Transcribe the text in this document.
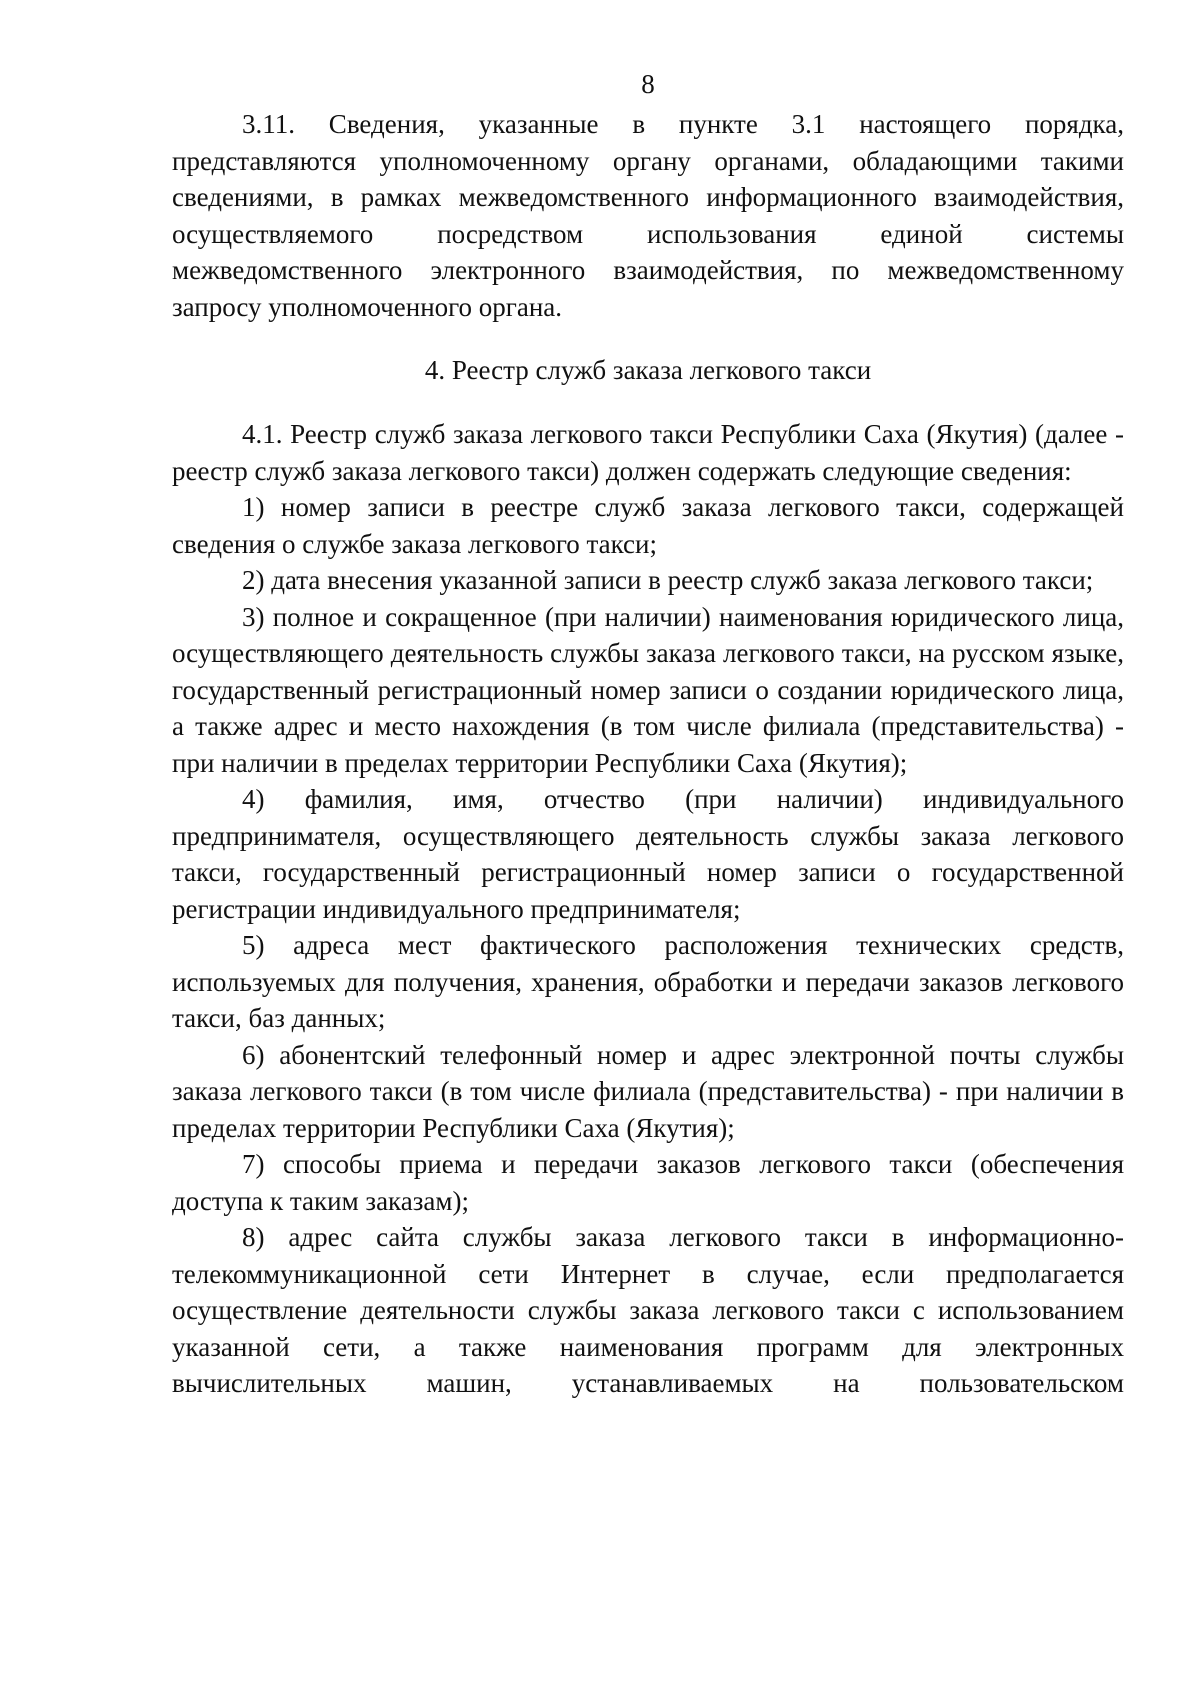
8

3.11. Сведения, указанные в пункте 3.1 настоящего порядка, представляются уполномоченному органу органами, обладающими такими сведениями, в рамках межведомственного информационного взаимодействия, осуществляемого посредством использования единой системы межведомственного электронного взаимодействия, по межведомственному запросу уполномоченного органа.

4. Реестр служб заказа легкового такси

4.1. Реестр служб заказа легкового такси Республики Саха (Якутия) (далее - реестр служб заказа легкового такси) должен содержать следующие сведения:

1) номер записи в реестре служб заказа легкового такси, содержащей сведения о службе заказа легкового такси;

2) дата внесения указанной записи в реестр служб заказа легкового такси;

3) полное и сокращенное (при наличии) наименования юридического лица, осуществляющего деятельность службы заказа легкового такси, на русском языке, государственный регистрационный номер записи о создании юридического лица, а также адрес и место нахождения (в том числе филиала (представительства) - при наличии в пределах территории Республики Саха (Якутия);

4) фамилия, имя, отчество (при наличии) индивидуального предпринимателя, осуществляющего деятельность службы заказа легкового такси, государственный регистрационный номер записи о государственной регистрации индивидуального предпринимателя;

5) адреса мест фактического расположения технических средств, используемых для получения, хранения, обработки и передачи заказов легкового такси, баз данных;

6) абонентский телефонный номер и адрес электронной почты службы заказа легкового такси (в том числе филиала (представительства) - при наличии в пределах территории Республики Саха (Якутия);

7) способы приема и передачи заказов легкового такси (обеспечения доступа к таким заказам);

8) адрес сайта службы заказа легкового такси в информационно-телекоммуникационной сети Интернет в случае, если предполагается осуществление деятельности службы заказа легкового такси с использованием указанной сети, а также наименования программ для электронных вычислительных машин, устанавливаемых на пользовательском
